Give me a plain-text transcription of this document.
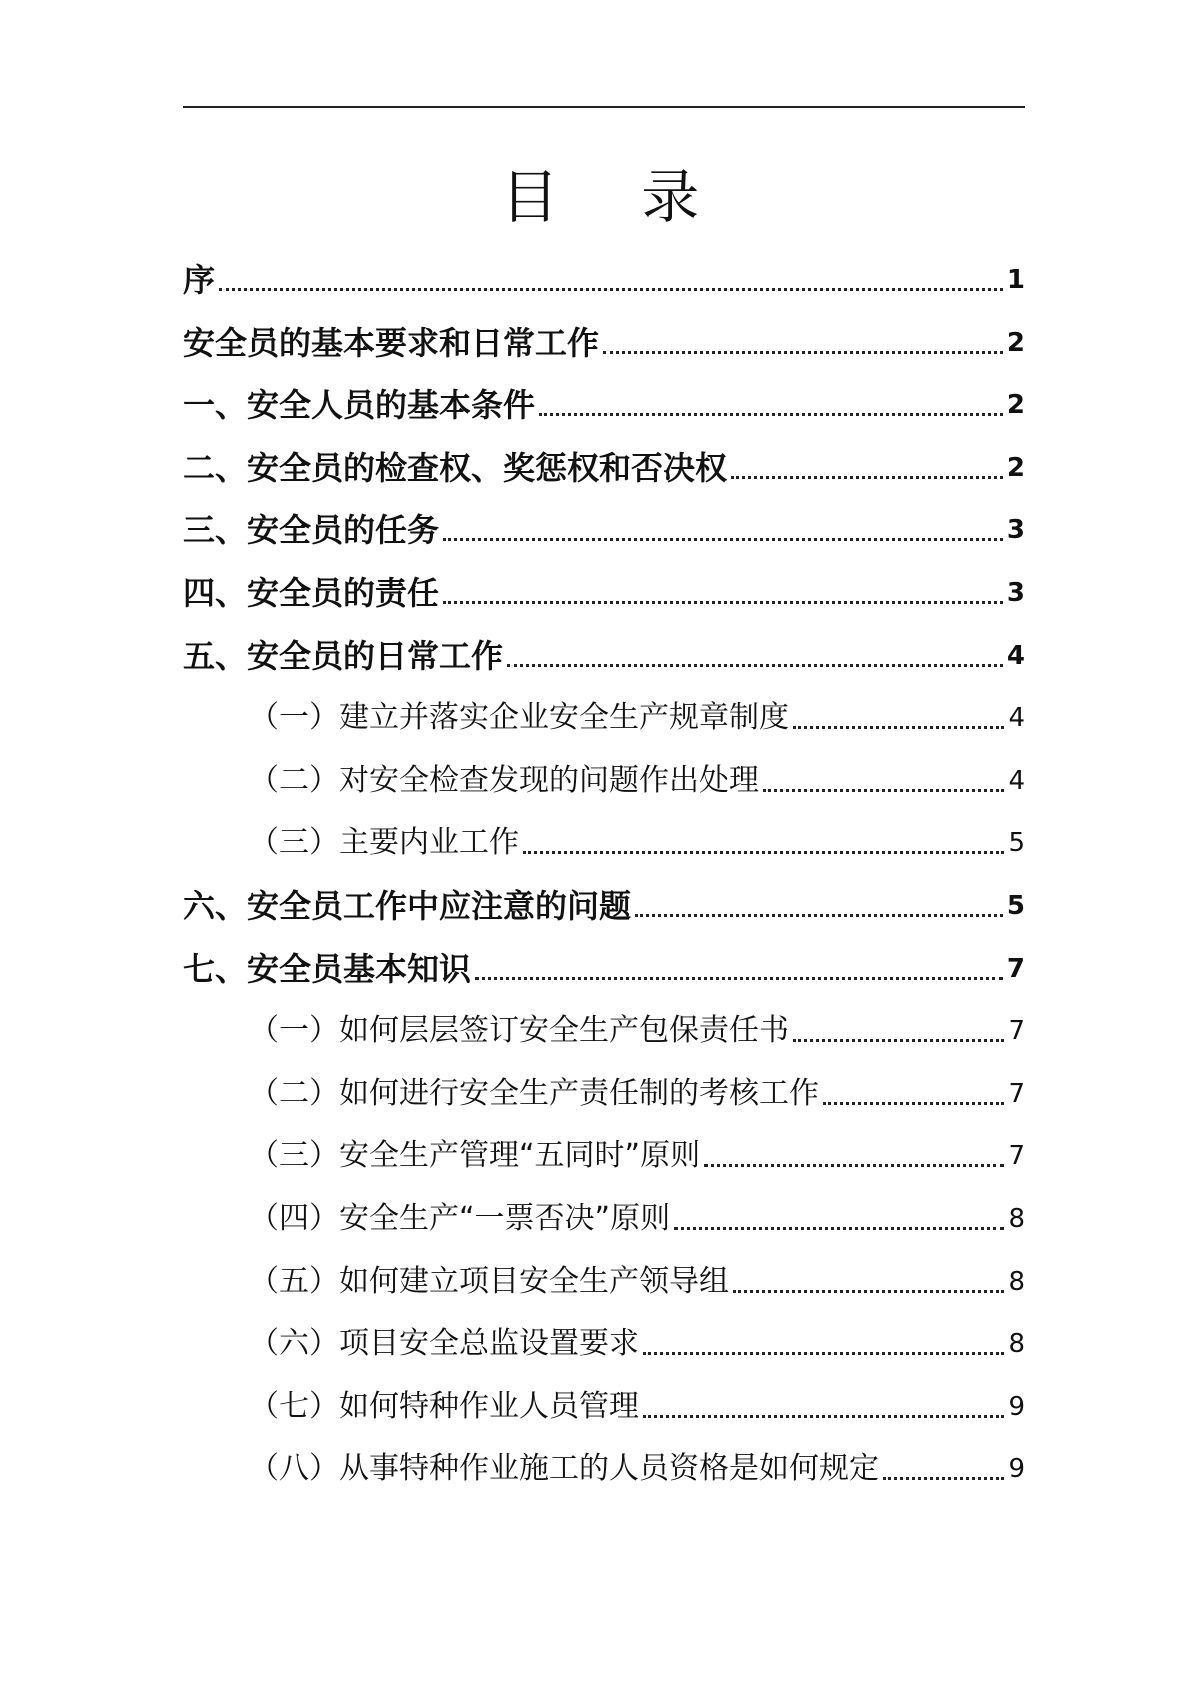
目 录
序	1
安全员的基本要求和日常工作	2
一、安全人员的基本条件	2
二、安全员的检查权、奖惩权和否决权	2
三、安全员的任务	3
四、安全员的责任	3
五、安全员的日常工作	4
（一）建立并落实企业安全生产规章制度	4
（二）对安全检查发现的问题作出处理	4
（三）主要内业工作	5
六、安全员工作中应注意的问题	5
七、安全员基本知识	7
（一）如何层层签订安全生产包保责任书	7
（二）如何进行安全生产责任制的考核工作	7
（三）安全生产管理“五同时”原则	7
（四）安全生产“一票否决”原则	8
（五）如何建立项目安全生产领导组	8
（六）项目安全总监设置要求	8
（七）如何特种作业人员管理	9
（八）从事特种作业施工的人员资格是如何规定	9
